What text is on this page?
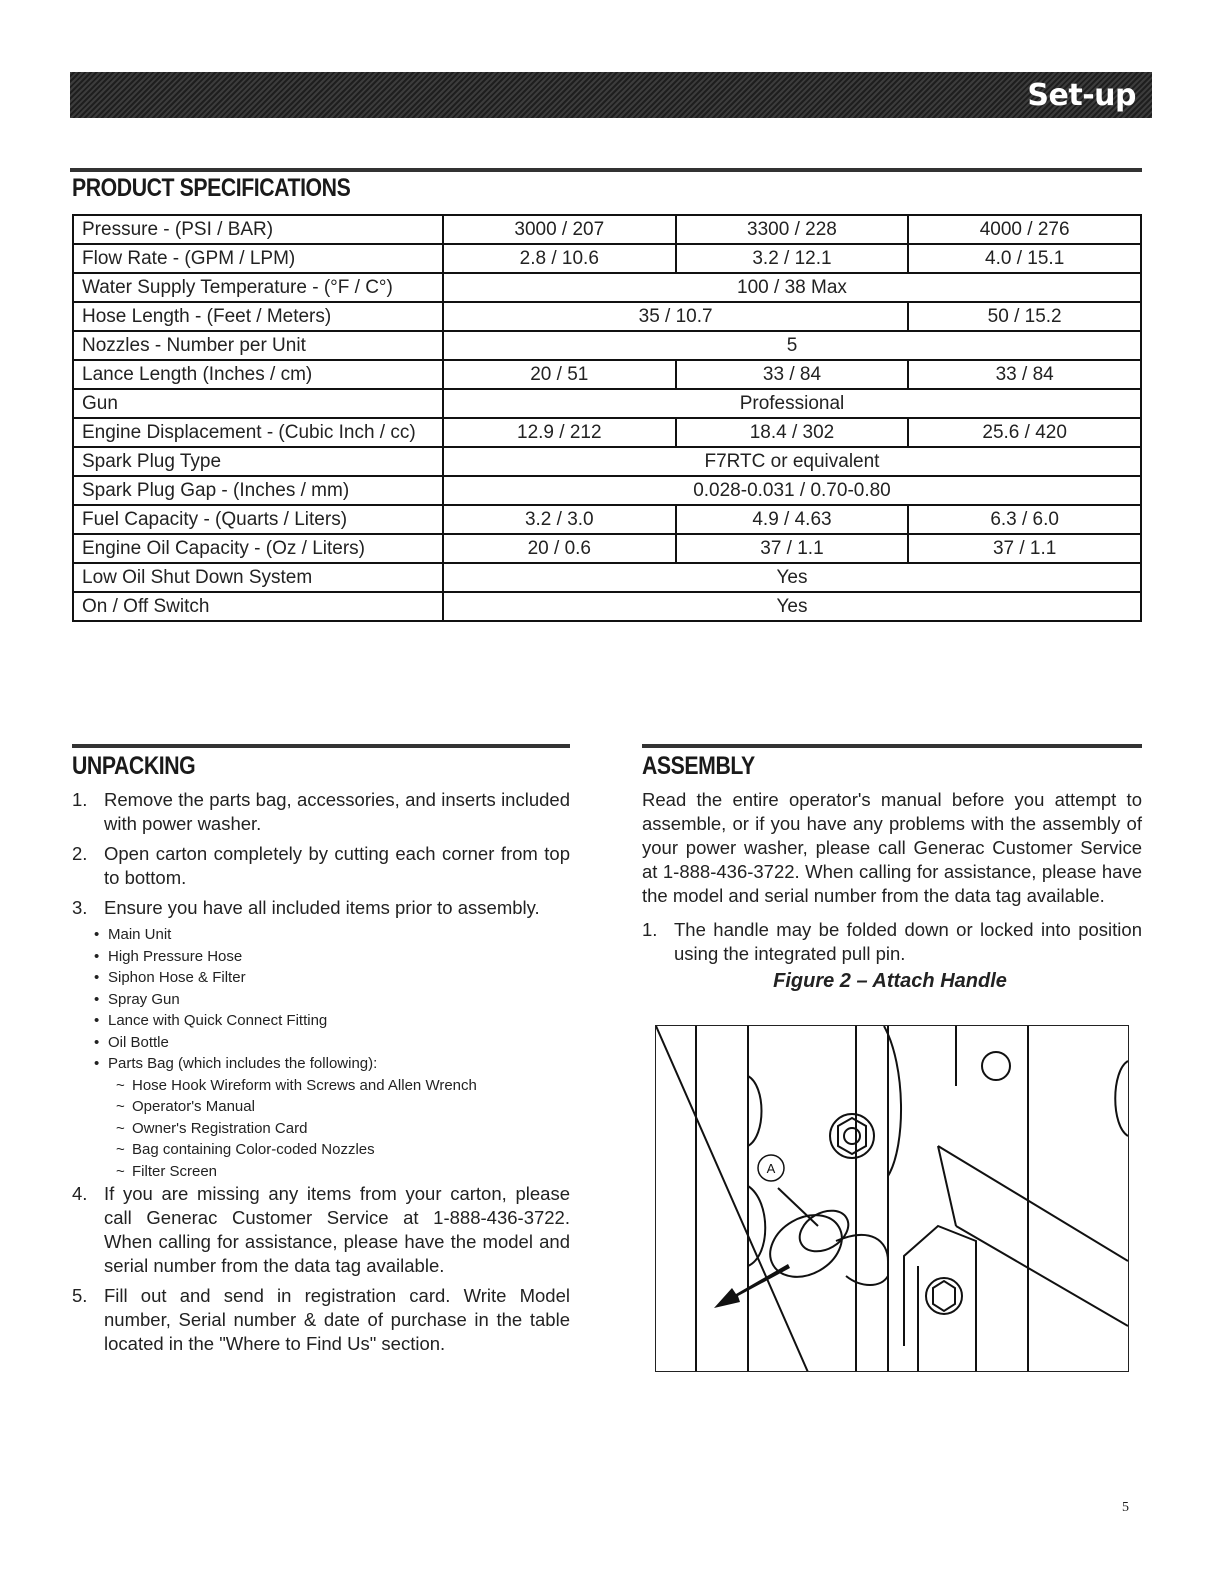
Set-up
PRODUCT SPECIFICATIONS
Pressure - (PSI / BAR)	3000 / 207	3300 / 228	4000 / 276
Flow Rate - (GPM / LPM)	2.8 / 10.6	3.2 / 12.1	4.0 / 15.1
Water Supply Temperature - (°F / C°)	100 / 38 Max		
Hose Length - (Feet / Meters)	35 / 10.7		50 / 15.2
Nozzles - Number per Unit	5		
Lance Length (Inches / cm)	20 / 51	33 / 84	33 / 84
Gun	Professional		
Engine Displacement - (Cubic Inch / cc)	12.9 / 212	18.4 / 302	25.6 / 420
Spark Plug Type	F7RTC or equivalent		
Spark Plug Gap - (Inches / mm)	0.028-0.031 / 0.70-0.80		
Fuel Capacity - (Quarts / Liters)	3.2 / 3.0	4.9 / 4.63	6.3 / 6.0
Engine Oil Capacity - (Oz / Liters)	20 / 0.6	37 / 1.1	37 / 1.1
Low Oil Shut Down System	Yes		
On / Off Switch	Yes		
UNPACKING
1. Remove the parts bag, accessories, and inserts included with power washer.
2. Open carton completely by cutting each corner from top to bottom.
3. Ensure you have all included items prior to assembly.
• Main Unit
• High Pressure Hose
• Siphon Hose & Filter
• Spray Gun
• Lance with Quick Connect Fitting
• Oil Bottle
• Parts Bag (which includes the following):
~ Hose Hook Wireform with Screws and Allen Wrench
~ Operator's Manual
~ Owner's Registration Card
~ Bag containing Color-coded Nozzles
~ Filter Screen
4. If you are missing any items from your carton, please call Generac Customer Service at 1-888-436-3722. When calling for assistance, please have the model and serial number from the data tag available.
5. Fill out and send in registration card. Write Model number, Serial number & date of purchase in the table located in the "Where to Find Us" section.
ASSEMBLY
Read the entire operator's manual before you attempt to assemble, or if you have any problems with the assembly of your power washer, please call Generac Customer Service at 1-888-436-3722. When calling for assistance, please have the model and serial number from the data tag available.
1. The handle may be folded down or locked into position using the integrated pull pin.
Figure 2 – Attach Handle
A
5
